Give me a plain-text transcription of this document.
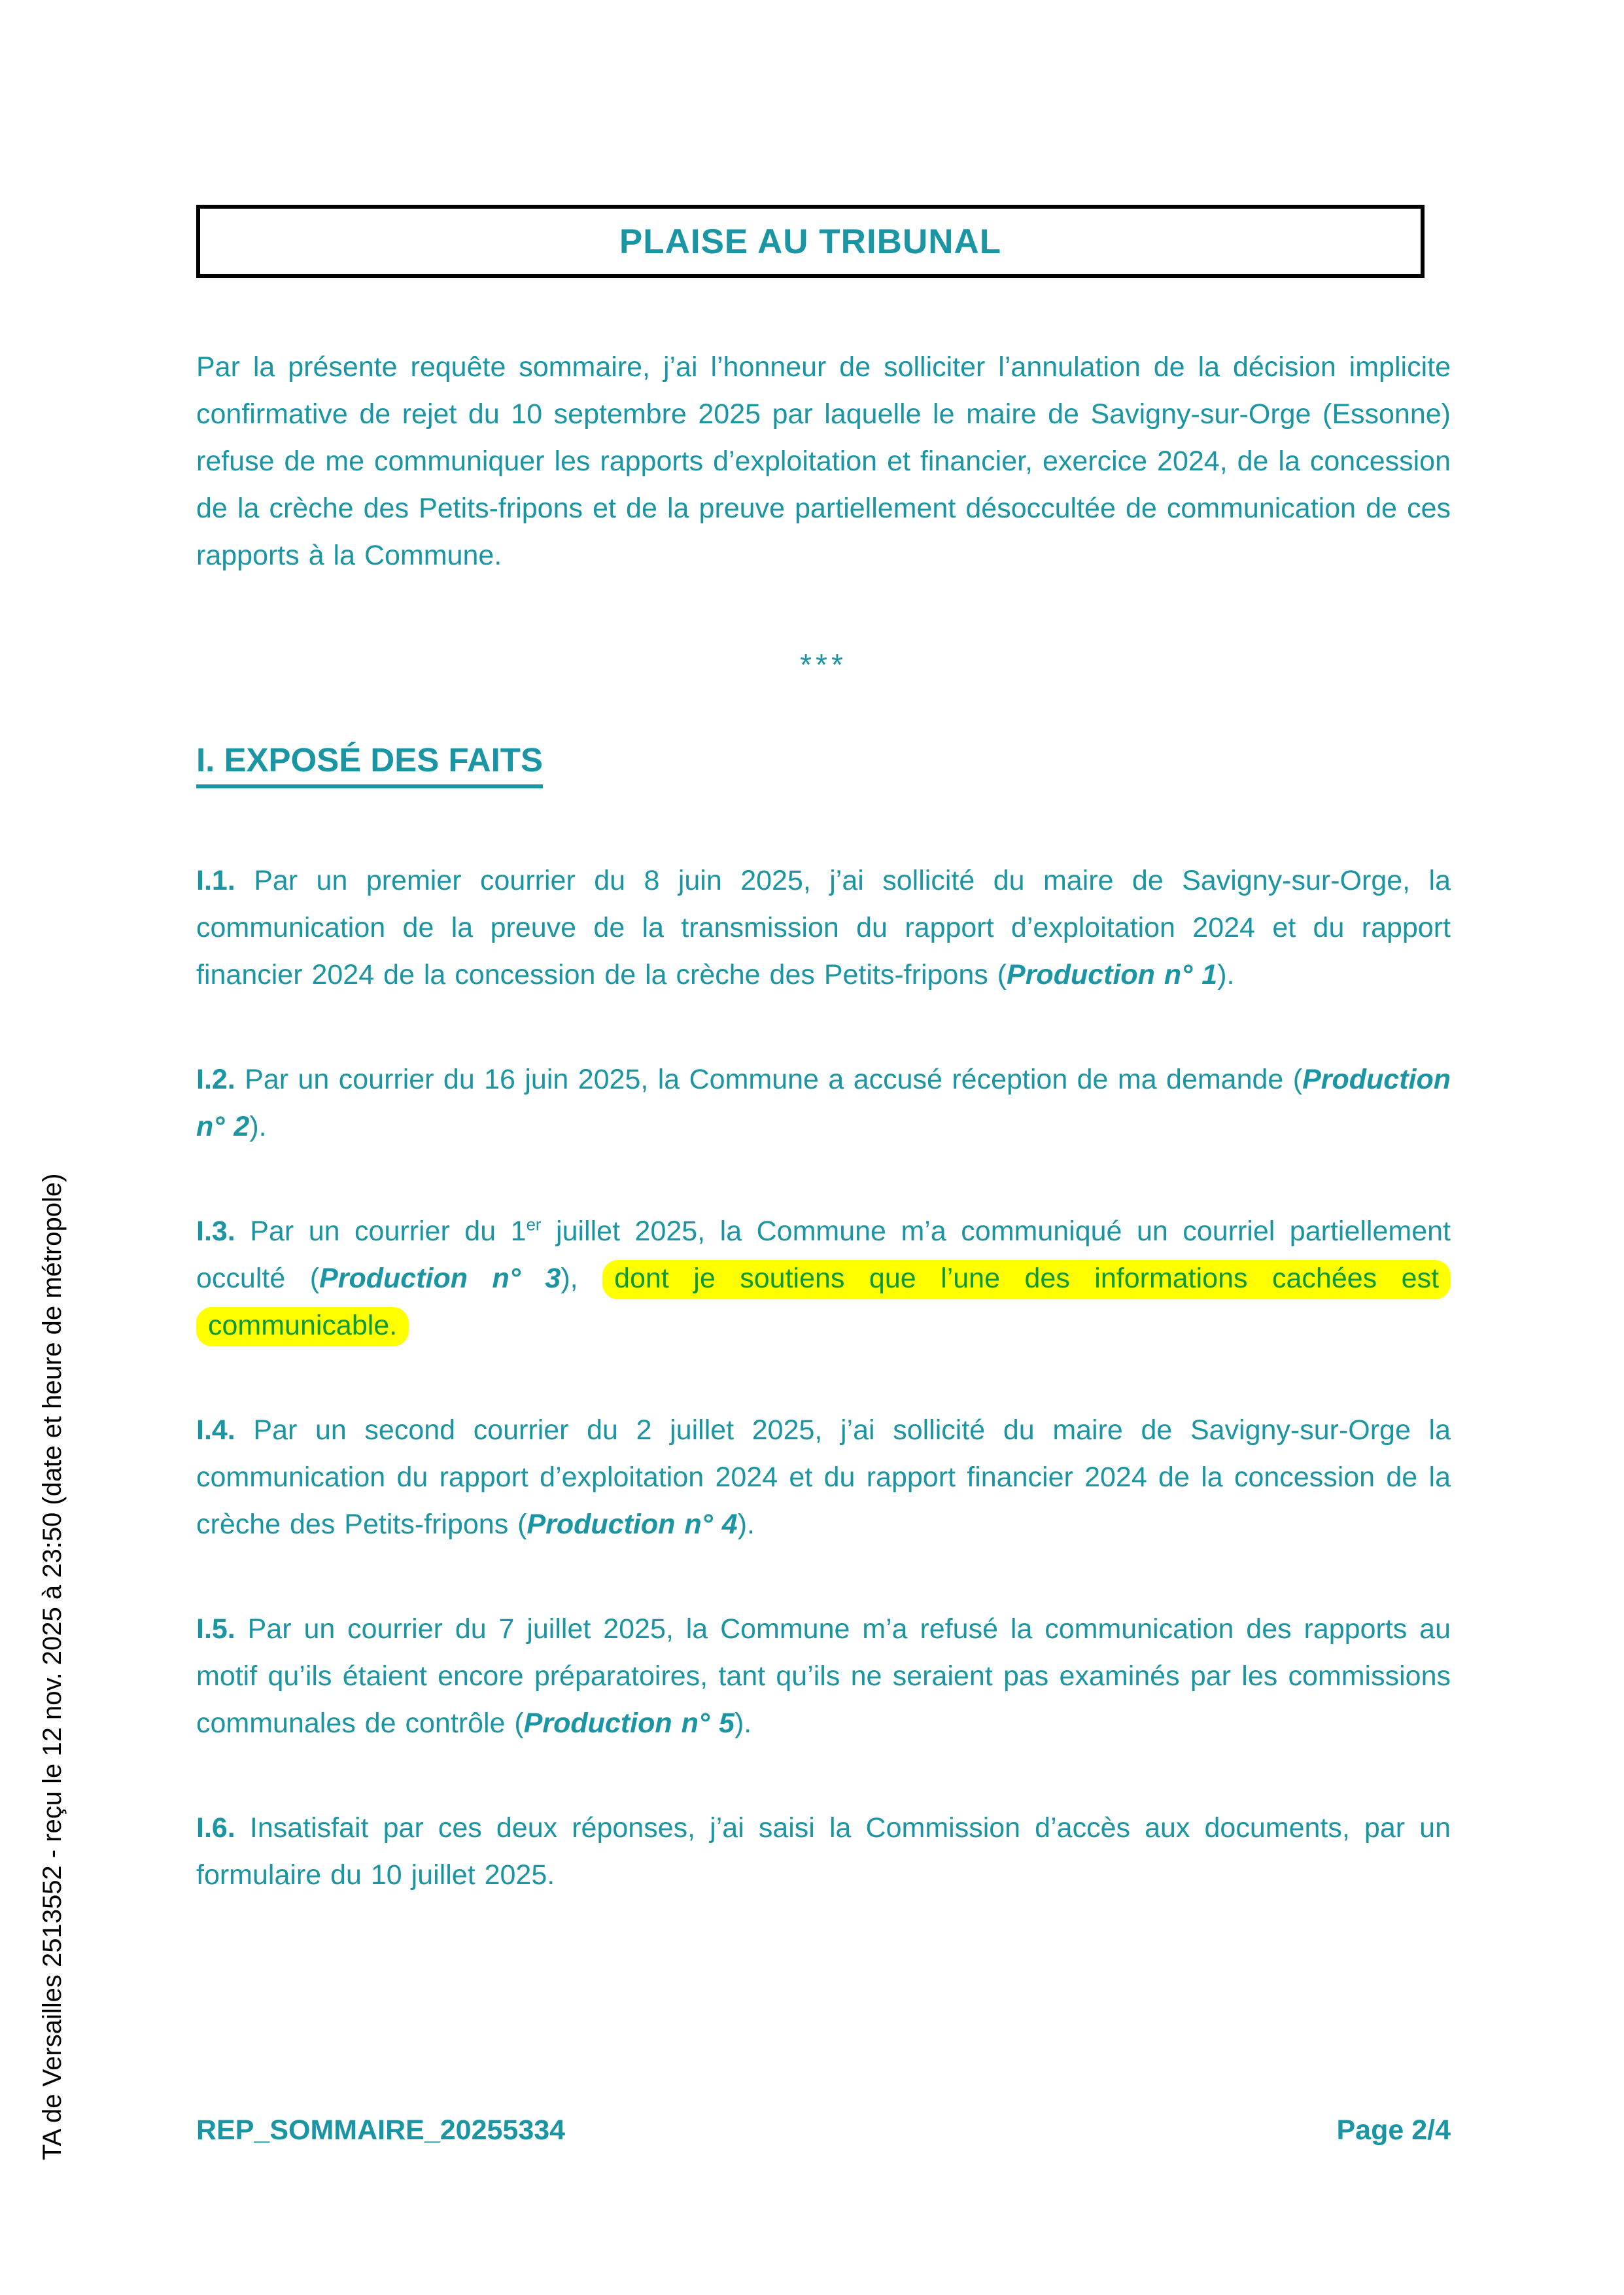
TA de Versailles 2513552 - reçu le 12 nov. 2025 à 23:50 (date et heure de métropole)
PLAISE AU TRIBUNAL

Par la présente requête sommaire, j’ai l’honneur de solliciter l’annulation de la décision implicite confirmative de rejet du 10 septembre 2025 par laquelle le maire de Savigny-sur-Orge (Essonne) refuse de me communiquer les rapports d’exploitation et financier, exercice 2024, de la concession de la crèche des Petits-fripons et de la preuve partiellement désoccultée de communication de ces rapports à la Commune.

***
I. EXPOSÉ DES FAITS

I.1. Par un premier courrier du 8 juin 2025, j’ai sollicité du maire de Savigny-sur-Orge, la communication de la preuve de la transmission du rapport d’exploitation 2024 et du rapport financier 2024 de la concession de la crèche des Petits-fripons (Production n° 1).

I.2. Par un courrier du 16 juin 2025, la Commune a accusé réception de ma demande (Production n° 2).

I.3. Par un courrier du 1er juillet 2025, la Commune m’a communiqué un courriel partiellement occulté (Production n° 3), dont je soutiens que l’une des informations cachées est communicable.

I.4. Par un second courrier du 2 juillet 2025, j’ai sollicité du maire de Savigny-sur-Orge la communication du rapport d’exploitation 2024 et du rapport financier 2024 de la concession de la crèche des Petits-fripons (Production n° 4).

I.5. Par un courrier du 7 juillet 2025, la Commune m’a refusé la communication des rapports au motif qu’ils étaient encore préparatoires, tant qu’ils ne seraient pas examinés par les commissions communales de contrôle (Production n° 5).

I.6. Insatisfait par ces deux réponses, j’ai saisi la Commission d’accès aux documents, par un formulaire du 10 juillet 2025.

REP_SOMMAIRE_20255334	Page 2/4
